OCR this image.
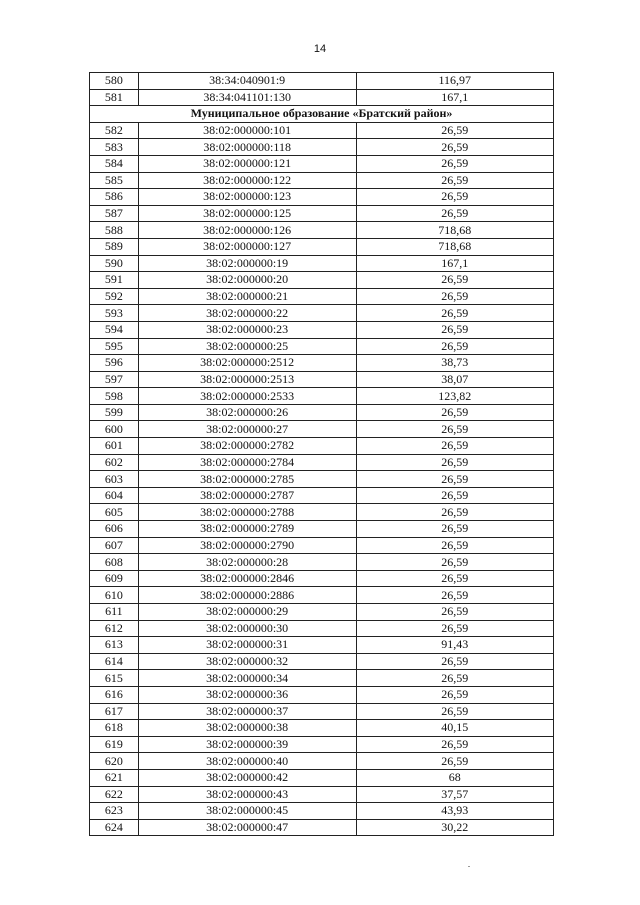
14
580	38:34:040901:9	116,97
581	38:34:041101:130	167,1
Муниципальное образование «Братский район»		
582	38:02:000000:101	26,59
583	38:02:000000:118	26,59
584	38:02:000000:121	26,59
585	38:02:000000:122	26,59
586	38:02:000000:123	26,59
587	38:02:000000:125	26,59
588	38:02:000000:126	718,68
589	38:02:000000:127	718,68
590	38:02:000000:19	167,1
591	38:02:000000:20	26,59
592	38:02:000000:21	26,59
593	38:02:000000:22	26,59
594	38:02:000000:23	26,59
595	38:02:000000:25	26,59
596	38:02:000000:2512	38,73
597	38:02:000000:2513	38,07
598	38:02:000000:2533	123,82
599	38:02:000000:26	26,59
600	38:02:000000:27	26,59
601	38:02:000000:2782	26,59
602	38:02:000000:2784	26,59
603	38:02:000000:2785	26,59
604	38:02:000000:2787	26,59
605	38:02:000000:2788	26,59
606	38:02:000000:2789	26,59
607	38:02:000000:2790	26,59
608	38:02:000000:28	26,59
609	38:02:000000:2846	26,59
610	38:02:000000:2886	26,59
611	38:02:000000:29	26,59
612	38:02:000000:30	26,59
613	38:02:000000:31	91,43
614	38:02:000000:32	26,59
615	38:02:000000:34	26,59
616	38:02:000000:36	26,59
617	38:02:000000:37	26,59
618	38:02:000000:38	40,15
619	38:02:000000:39	26,59
620	38:02:000000:40	26,59
621	38:02:000000:42	68
622	38:02:000000:43	37,57
623	38:02:000000:45	43,93
624	38:02:000000:47	30,22
